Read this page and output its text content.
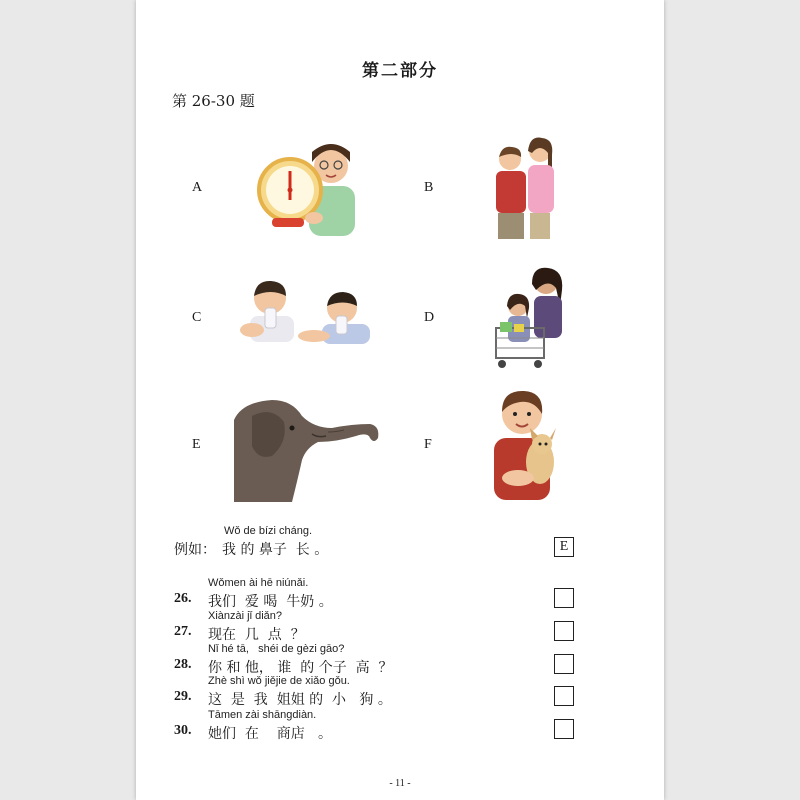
第二部分
第 26-30 题
A	B
C	D
E	F
Wǒ de bízi cháng.
例如： 我 的 鼻子  长 。	E
Wǒmen ài hē niúnǎi.
26. 我们  爱 喝  牛奶 。
Xiànzài jǐ diǎn?
27. 现在  几  点  ？
Nǐ hé tā,   shéi de gèzi gāo?
28. 你 和 他， 谁  的 个子  高  ？
Zhè shì wǒ jiějie de xiǎo gǒu.
29. 这  是  我  姐姐 的  小   狗 。
Tāmen zài shāngdiàn.
30. 她们  在    商店   。
- 11 -
